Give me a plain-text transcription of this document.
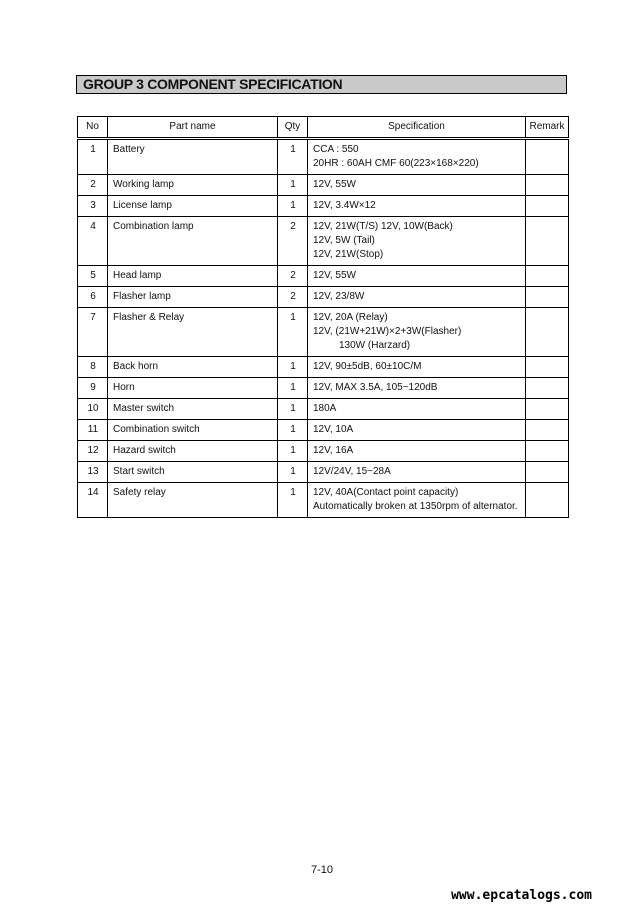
GROUP 3 COMPONENT SPECIFICATION
No	Part name	Qty	Specification	Remark
1	Battery	1	CCA : 550
20HR : 60AH CMF 60(223×168×220)	

2	Working lamp	1	12V, 55W	

3	License lamp	1	12V, 3.4W×12	

4	Combination lamp	2	12V, 21W(T/S) 12V, 10W(Back)
12V, 5W (Tail)
12V, 21W(Stop)	

5	Head lamp	2	12V, 55W	

6	Flasher lamp	2	12V, 23/8W	

7	Flasher & Relay	1	12V, 20A (Relay)
12V, (21W+21W)×2+3W(Flasher)
130W (Harzard)	

8	Back horn	1	12V, 90±5dB, 60±10C/M	

9	Horn	1	12V, MAX 3.5A, 105~120dB	

10	Master switch	1	180A	

11	Combination switch	1	12V, 10A	

12	Hazard switch	1	12V, 16A	

13	Start switch	1	12V/24V, 15~28A	

14	Safety relay	1	12V, 40A(Contact point capacity)
Automatically broken at 1350rpm of alternator.	

7-10
www.epcatalogs.com
